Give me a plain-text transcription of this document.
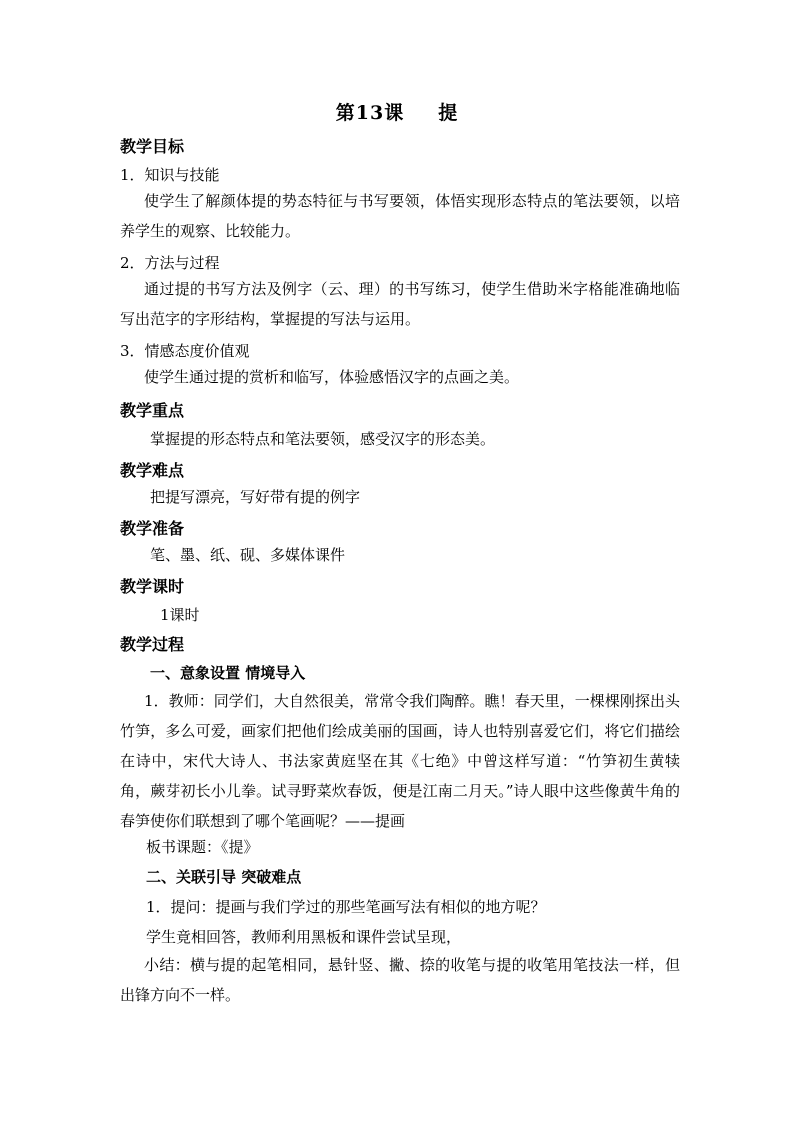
第13课 提
教学目标
1．知识与技能
使学生了解颜体提的势态特征与书写要领，体悟实现形态特点的笔法要领，以培养学生的观察、比较能力。
2．方法与过程
通过提的书写方法及例字（云、理）的书写练习，使学生借助米字格能准确地临写出范字的字形结构，掌握提的写法与运用。
3．情感态度价值观
使学生通过提的赏析和临写，体验感悟汉字的点画之美。
教学重点
掌握提的形态特点和笔法要领，感受汉字的形态美。
教学难点
把提写漂亮，写好带有提的例字
教学准备
笔、墨、纸、砚、多媒体课件
教学课时
1课时
教学过程
一、意象设置 情境导入
1．教师：同学们，大自然很美，常常令我们陶醉。瞧！春天里，一棵棵刚探出头竹笋，多么可爱，画家们把他们绘成美丽的国画，诗人也特别喜爱它们，将它们描绘在诗中，宋代大诗人、书法家黄庭坚在其《七绝》中曾这样写道：“竹笋初生黄犊角，蕨芽初长小儿拳。试寻野菜炊春饭，便是江南二月天。”诗人眼中这些像黄牛角的春笋使你们联想到了哪个笔画呢？——提画
板书课题：《提》
二、关联引导 突破难点
1．提问：提画与我们学过的那些笔画写法有相似的地方呢？
学生竟相回答，教师利用黑板和课件尝试呈现，
小结：横与提的起笔相同，悬针竖、撇、捺的收笔与提的收笔用笔技法一样，但出锋方向不一样。
